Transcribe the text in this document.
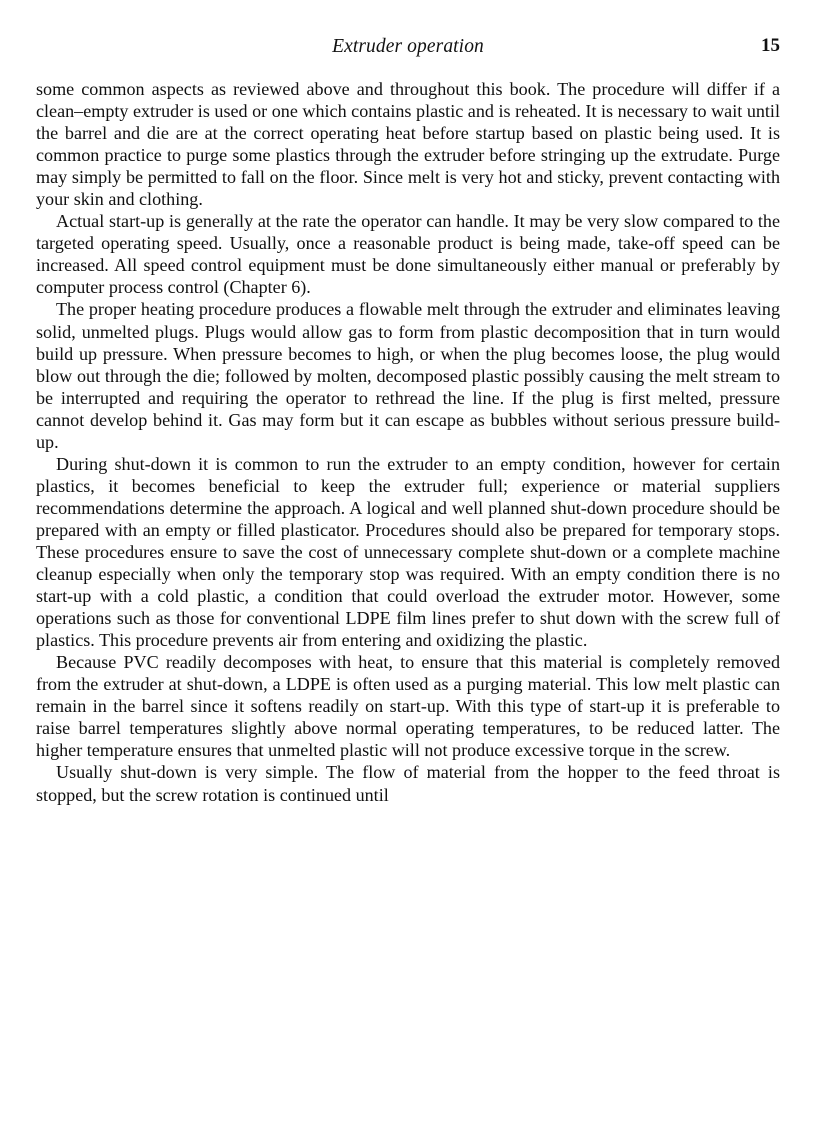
Extruder operation	15

some common aspects as reviewed above and throughout this book. The procedure will differ if a clean–empty extruder is used or one which contains plastic and is reheated. It is necessary to wait until the barrel and die are at the correct operating heat before startup based on plastic being used. It is common practice to purge some plastics through the extruder before stringing up the extrudate. Purge may simply be permitted to fall on the floor. Since melt is very hot and sticky, prevent contacting with your skin and clothing.

Actual start-up is generally at the rate the operator can handle. It may be very slow compared to the targeted operating speed. Usually, once a reasonable product is being made, take-off speed can be increased. All speed control equipment must be done simultaneously either manual or preferably by computer process control (Chapter 6).

The proper heating procedure produces a flowable melt through the extruder and eliminates leaving solid, unmelted plugs. Plugs would allow gas to form from plastic decomposition that in turn would build up pressure. When pressure becomes to high, or when the plug becomes loose, the plug would blow out through the die; followed by molten, decomposed plastic possibly causing the melt stream to be interrupted and requiring the operator to rethread the line. If the plug is first melted, pressure cannot develop behind it. Gas may form but it can escape as bubbles without serious pressure build-up.

During shut-down it is common to run the extruder to an empty condition, however for certain plastics, it becomes beneficial to keep the extruder full; experience or material suppliers recommendations determine the approach. A logical and well planned shut-down procedure should be prepared with an empty or filled plasticator. Procedures should also be prepared for temporary stops. These procedures ensure to save the cost of unnecessary complete shut-down or a complete machine cleanup especially when only the temporary stop was required. With an empty condition there is no start-up with a cold plastic, a condition that could overload the extruder motor. However, some operations such as those for conventional LDPE film lines prefer to shut down with the screw full of plastics. This procedure prevents air from entering and oxidizing the plastic.

Because PVC readily decomposes with heat, to ensure that this material is completely removed from the extruder at shut-down, a LDPE is often used as a purging material. This low melt plastic can remain in the barrel since it softens readily on start-up. With this type of start-up it is preferable to raise barrel temperatures slightly above normal operating temperatures, to be reduced latter. The higher temperature ensures that unmelted plastic will not produce excessive torque in the screw.

Usually shut-down is very simple. The flow of material from the hopper to the feed throat is stopped, but the screw rotation is continued until
